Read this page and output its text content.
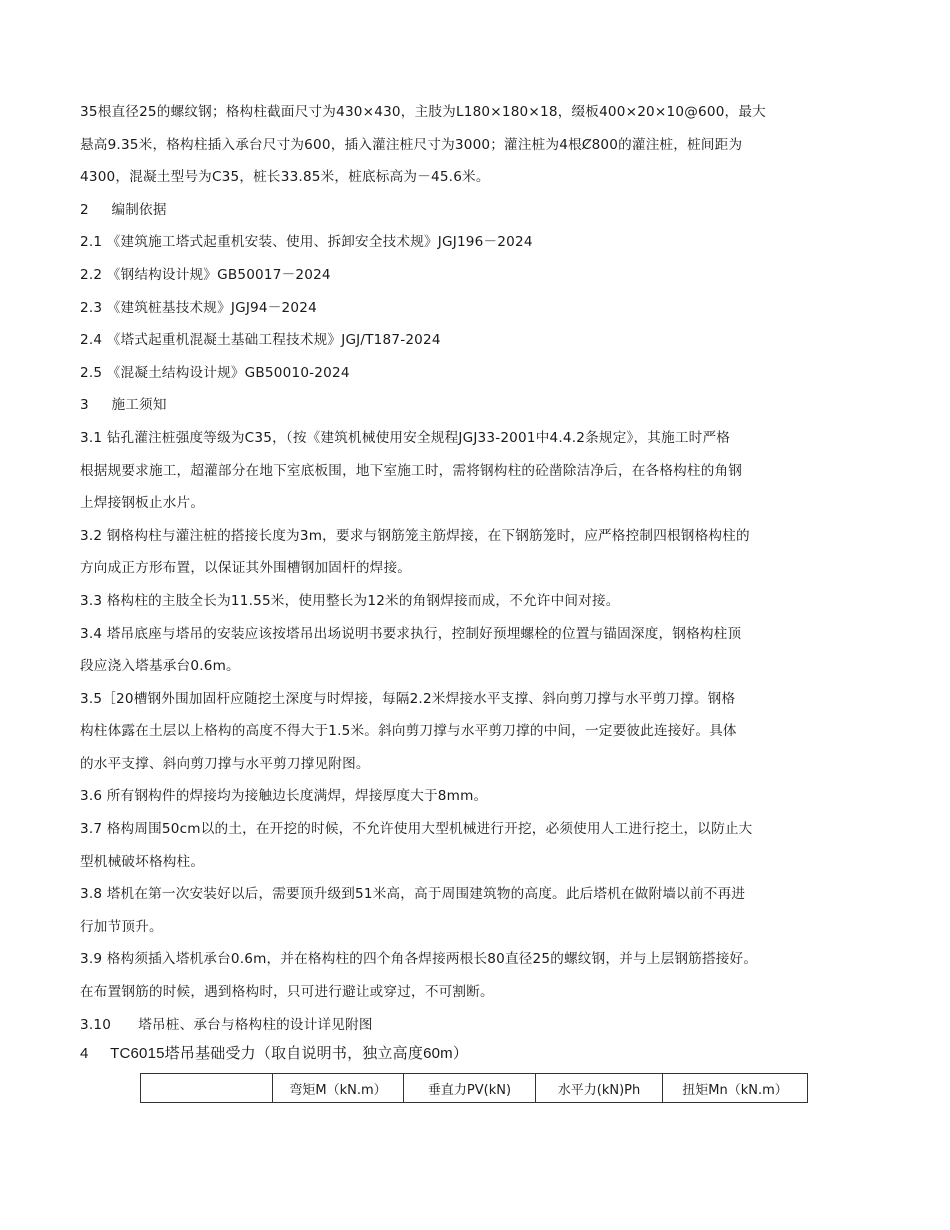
35根直径25的螺纹钢；格构柱截面尺寸为430×430，主肢为L180×180×18，缀板400×20×10@600，最大
悬高9.35米，格构柱插入承台尺寸为600，插入灌注桩尺寸为3000；灌注桩为4根Ȼ800的灌注桩，桩间距为
4300，混凝土型号为C35，桩长33.85米，桩底标高为－45.6米。
2     编制依据
2.1 《建筑施工塔式起重机安装、使用、拆卸安全技术规》JGJ196－2024
2.2 《钢结构设计规》GB50017－2024
2.3 《建筑桩基技术规》JGJ94－2024
2.4 《塔式起重机混凝土基础工程技术规》JGJ/T187-2024
2.5 《混凝土结构设计规》GB50010-2024
3     施工须知
3.1 钻孔灌注桩强度等级为C35，（按《建筑机械使用安全规程JGJ33-2001中4.4.2条规定》，其施工时严格
根据规要求施工，超灌部分在地下室底板围，地下室施工时，需将钢构柱的砼凿除洁净后，在各格构柱的角钢
上焊接钢板止水片。
3.2 钢格构柱与灌注桩的搭接长度为3m，要求与钢筋笼主筋焊接，在下钢筋笼时，应严格控制四根钢格构柱的
方向成正方形布置，以保证其外围槽钢加固杆的焊接。
3.3 格构柱的主肢全长为11.55米，使用整长为12米的角钢焊接而成，不允许中间对接。
3.4 塔吊底座与塔吊的安装应该按塔吊出场说明书要求执行，控制好预埋螺栓的位置与锚固深度，钢格构柱顶
段应浇入塔基承台0.6m。
3.5［20槽钢外围加固杆应随挖土深度与时焊接，每隔2.2米焊接水平支撑、斜向剪刀撑与水平剪刀撑。钢格
构柱体露在土层以上格构的高度不得大于1.5米。斜向剪刀撑与水平剪刀撑的中间，一定要彼此连接好。具体
的水平支撑、斜向剪刀撑与水平剪刀撑见附图。
3.6 所有钢构件的焊接均为接触边长度满焊，焊接厚度大于8mm。
3.7 格构周围50cm以的土，在开挖的时候，不允许使用大型机械进行开挖，必须使用人工进行挖土，以防止大
型机械破坏格构柱。
3.8 塔机在第一次安装好以后，需要顶升级到51米高，高于周围建筑物的高度。此后塔机在做附墙以前不再进
行加节顶升。
3.9 格构须插入塔机承台0.6m，并在格构柱的四个角各焊接两根长80直径25的螺纹钢，并与上层钢筋搭接好。
在布置钢筋的时候，遇到格构时，只可进行避让或穿过，不可割断。
3.10      塔吊桩、承台与格构柱的设计详见附图
4     TC6015塔吊基础受力（取自说明书，独立高度60m）
	弯矩M（kN.m）	垂直力PV(kN)	水平力(kN)Ph	扭矩Mn（kN.m）
